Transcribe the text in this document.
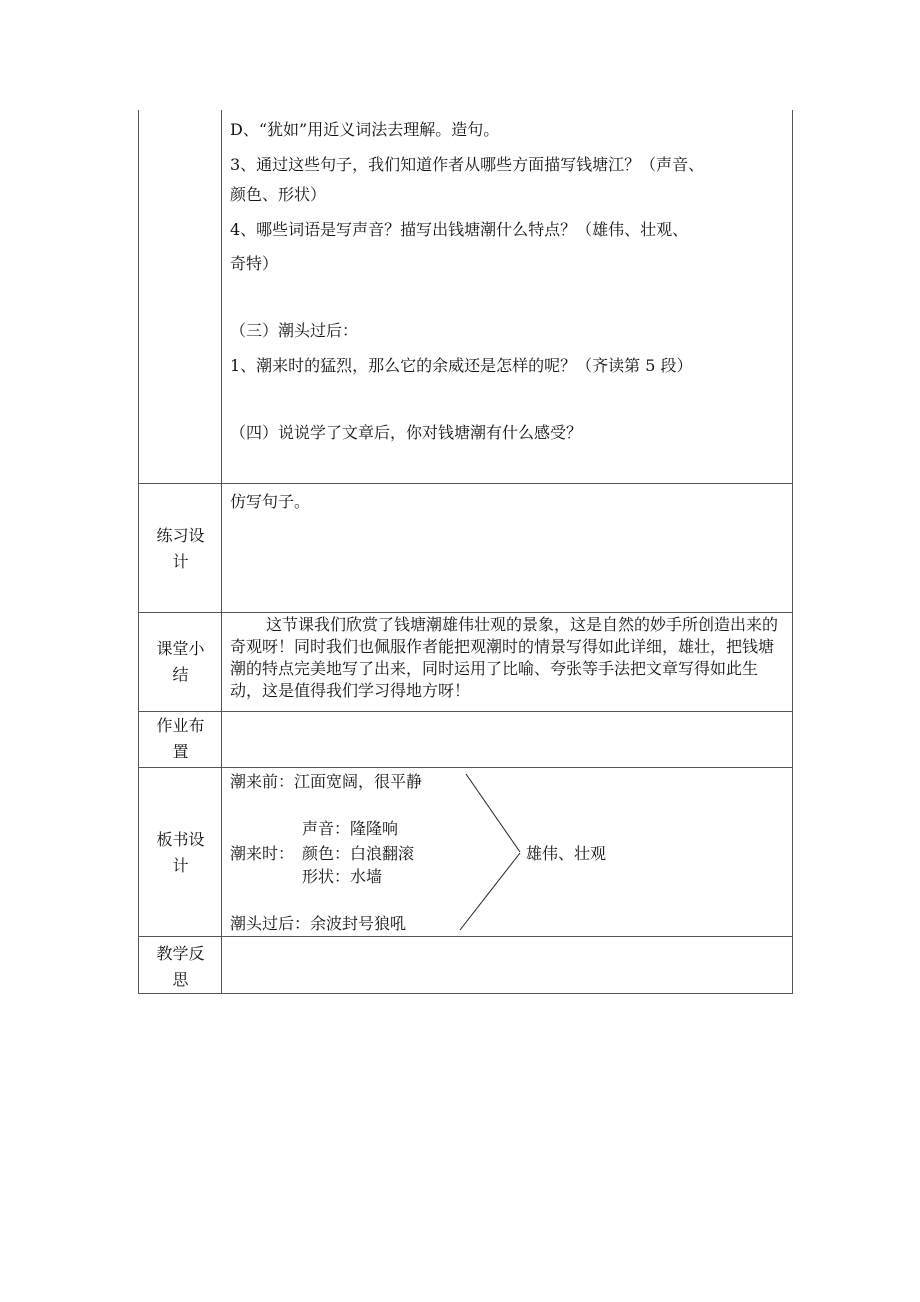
D、“犹如”用近义词法去理解。造句。
3、通过这些句子，我们知道作者从哪些方面描写钱塘江？（声音、
颜色、形状）
4、哪些词语是写声音？描写出钱塘潮什么特点？（雄伟、壮观、
奇特）
（三）潮头过后：
1、潮来时的猛烈，那么它的余威还是怎样的呢？（齐读第 5 段）
（四）说说学了文章后，你对钱塘潮有什么感受？
练习设
计
仿写句子。
课堂小
结
这节课我们欣赏了钱塘潮雄伟壮观的景象，这是自然的妙手所创造出来的奇观呀！同时我们也佩服作者能把观潮时的情景写得如此详细，雄壮，把钱塘潮的特点完美地写了出来，同时运用了比喻、夸张等手法把文章写得如此生动，这是值得我们学习得地方呀！
作业布
置
板书设
计
潮来前：江面宽阔，很平静
声音：隆隆响
潮来时： 颜色：白浪翻滚
形状：水墙
潮头过后：余波封号狼吼
雄伟、壮观
教学反
思
